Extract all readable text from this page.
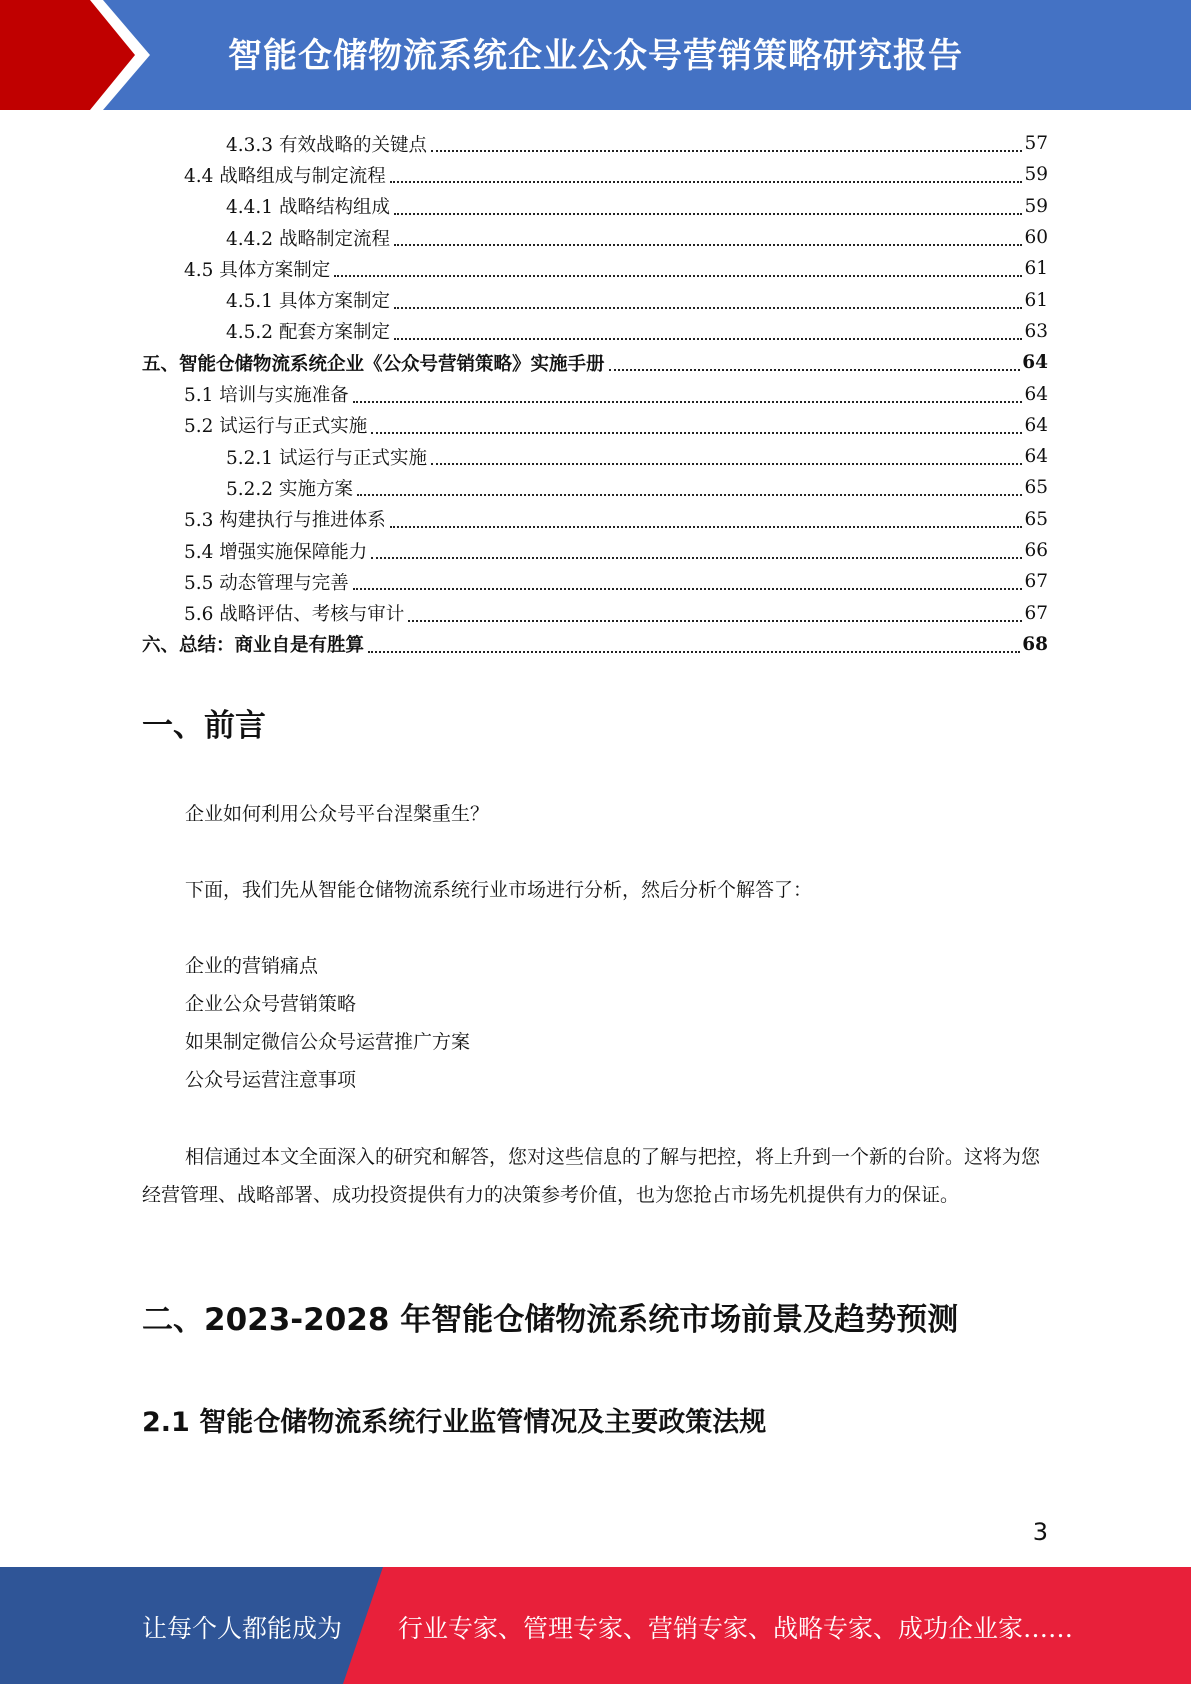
智能仓储物流系统企业公众号营销策略研究报告
4.3.3 有效战略的关键点	57
4.4 战略组成与制定流程	59
4.4.1 战略结构组成	59
4.4.2 战略制定流程	60
4.5 具体方案制定	61
4.5.1 具体方案制定	61
4.5.2 配套方案制定	63
五、智能仓储物流系统企业《公众号营销策略》实施手册	64
5.1 培训与实施准备	64
5.2 试运行与正式实施	64
5.2.1 试运行与正式实施	64
5.2.2 实施方案	65
5.3 构建执行与推进体系	65
5.4 增强实施保障能力	66
5.5 动态管理与完善	67
5.6 战略评估、考核与审计	67
六、总结：商业自是有胜算	68
一、前言
企业如何利用公众号平台涅槃重生？
下面，我们先从智能仓储物流系统行业市场进行分析，然后分析个解答了：
企业的营销痛点
企业公众号营销策略
如果制定微信公众号运营推广方案
公众号运营注意事项
相信通过本文全面深入的研究和解答，您对这些信息的了解与把控，将上升到一个新的台阶。这将为您经营管理、战略部署、成功投资提供有力的决策参考价值，也为您抢占市场先机提供有力的保证。
二、2023-2028 年智能仓储物流系统市场前景及趋势预测
2.1 智能仓储物流系统行业监管情况及主要政策法规
3
让每个人都能成为 行业专家、管理专家、营销专家、战略专家、成功企业家……
